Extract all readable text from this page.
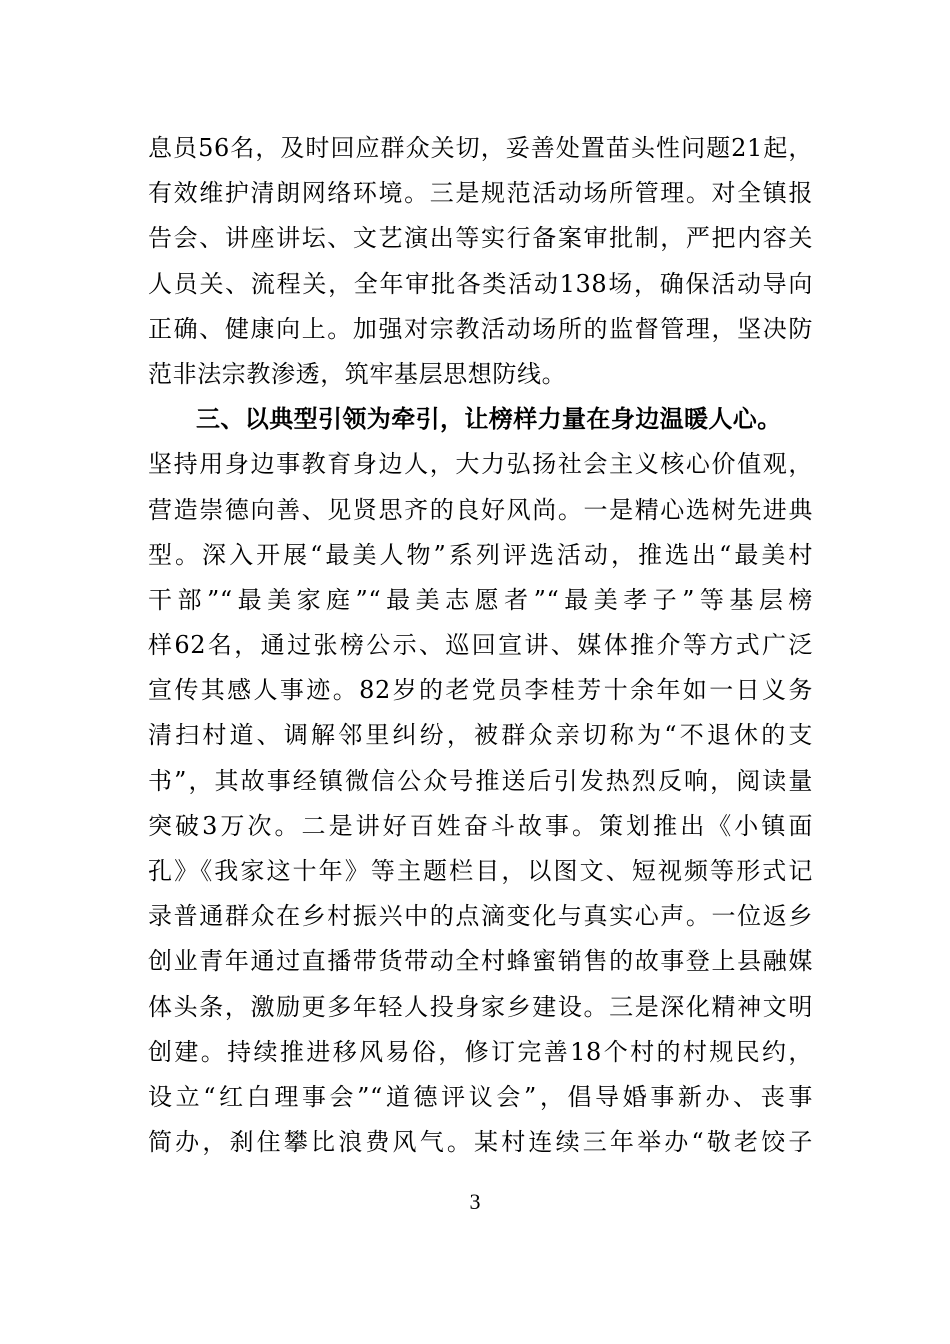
息员56名，及时回应群众关切，妥善处置苗头性问题21起，
有效维护清朗网络环境。三是规范活动场所管理。对全镇报
告会、讲座讲坛、文艺演出等实行备案审批制，严把内容关
人员关、流程关，全年审批各类活动138场，确保活动导向
正确、健康向上。加强对宗教活动场所的监督管理，坚决防
范非法宗教渗透，筑牢基层思想防线。
三、以典型引领为牵引，让榜样力量在身边温暖人心。
坚持用身边事教育身边人，大力弘扬社会主义核心价值观，
营造崇德向善、见贤思齐的良好风尚。一是精心选树先进典
型。深入开展“最美人物”系列评选活动，推选出“最美村
干部”“最美家庭”“最美志愿者”“最美孝子”等基层榜
样62名，通过张榜公示、巡回宣讲、媒体推介等方式广泛
宣传其感人事迹。82岁的老党员李桂芳十余年如一日义务
清扫村道、调解邻里纠纷，被群众亲切称为“不退休的支
书”，其故事经镇微信公众号推送后引发热烈反响，阅读量
突破3万次。二是讲好百姓奋斗故事。策划推出《小镇面
孔》《我家这十年》等主题栏目，以图文、短视频等形式记
录普通群众在乡村振兴中的点滴变化与真实心声。一位返乡
创业青年通过直播带货带动全村蜂蜜销售的故事登上县融媒
体头条，激励更多年轻人投身家乡建设。三是深化精神文明
创建。持续推进移风易俗，修订完善18个村的村规民约，
设立“红白理事会”“道德评议会”，倡导婚事新办、丧事
简办，刹住攀比浪费风气。某村连续三年举办“敬老饺子
3
